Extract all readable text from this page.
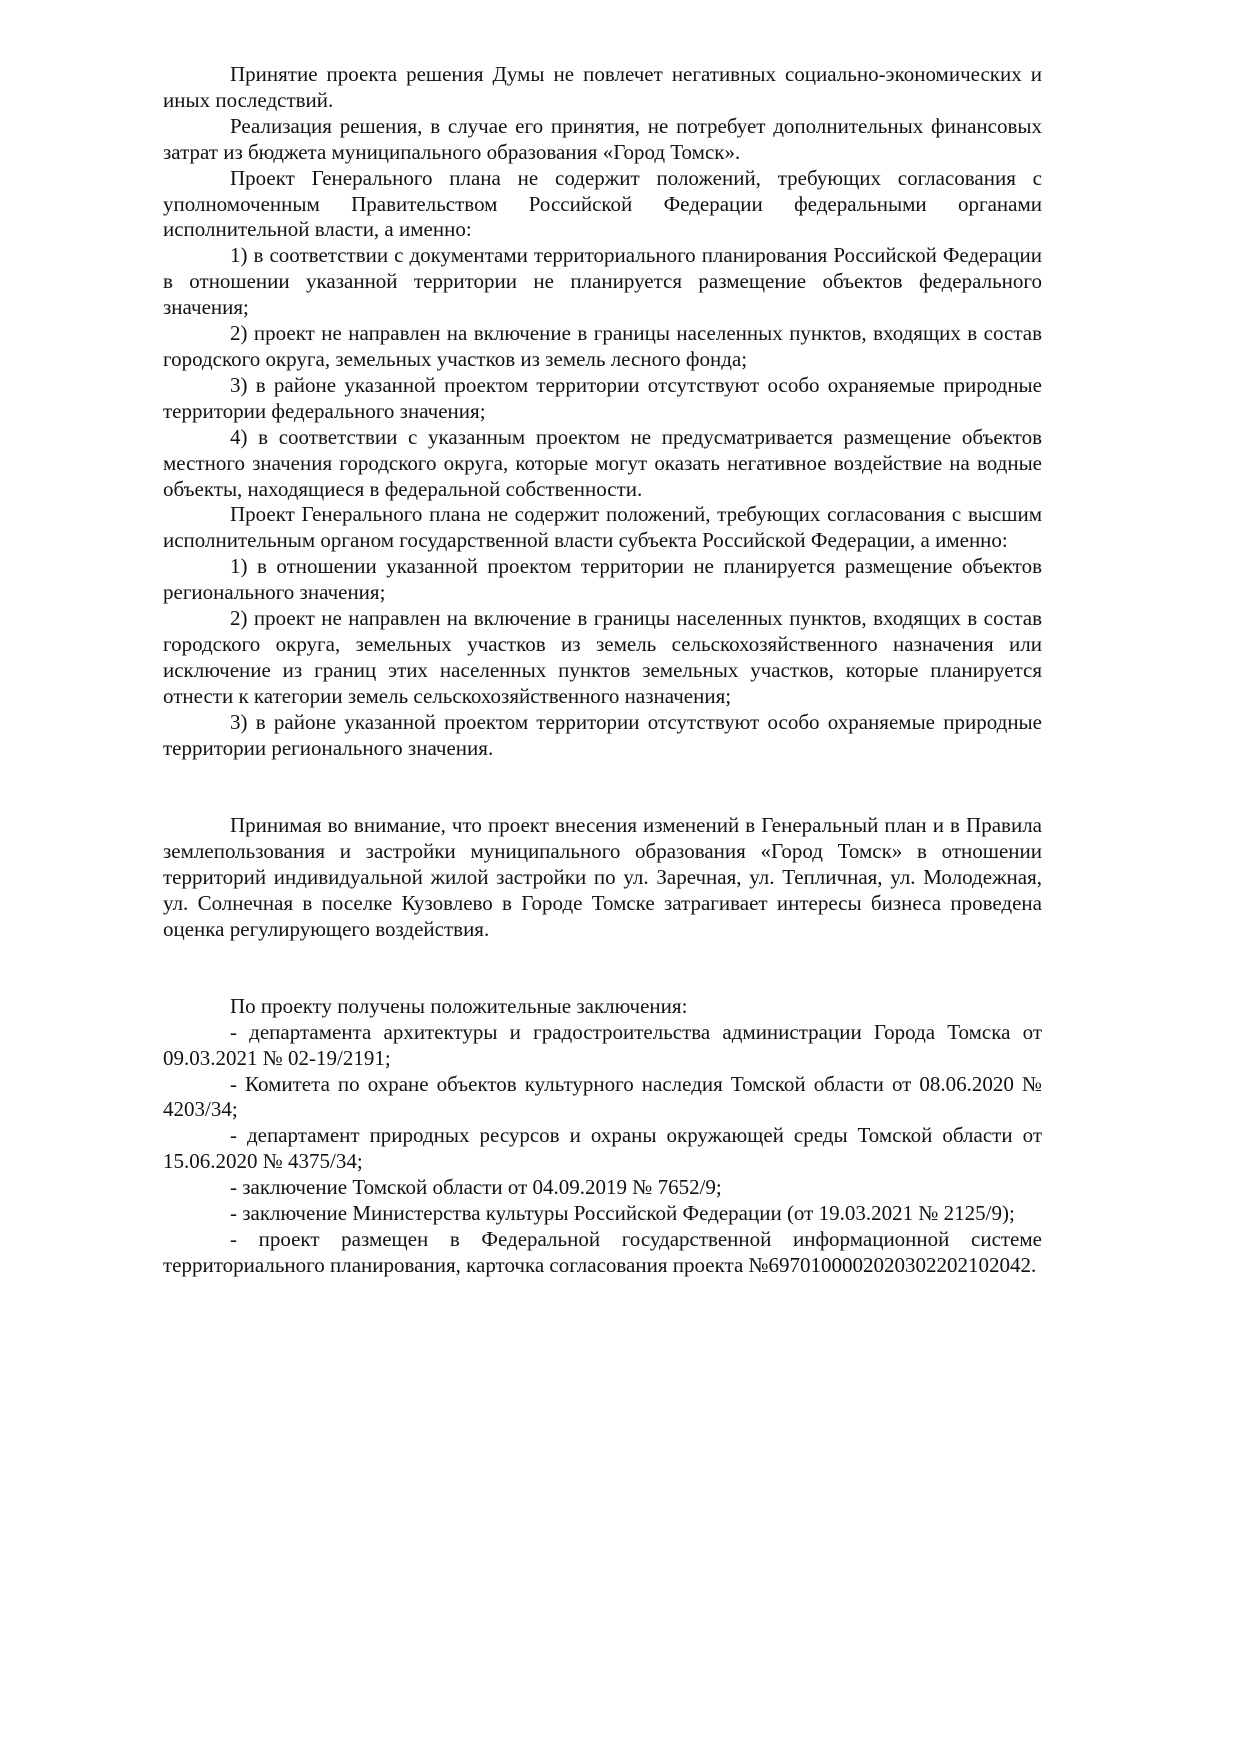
Принятие проекта решения Думы не повлечет негативных социально-экономических и иных последствий.

Реализация решения, в случае его принятия, не потребует дополнительных финансовых затрат из бюджета муниципального образования «Город Томск».

Проект Генерального плана не содержит положений, требующих согласования с уполномоченным Правительством Российской Федерации федеральными органами исполнительной власти, а именно:

1) в соответствии с документами территориального планирования Российской Федерации в отношении указанной территории не планируется размещение объектов федерального значения;

2) проект не направлен на включение в границы населенных пунктов, входящих в состав городского округа, земельных участков из земель лесного фонда;

3) в районе указанной проектом территории отсутствуют особо охраняемые природные территории федерального значения;

4) в соответствии с указанным проектом не предусматривается размещение объектов местного значения городского округа, которые могут оказать негативное воздействие на водные объекты, находящиеся в федеральной собственности.

Проект Генерального плана не содержит положений, требующих согласования с высшим исполнительным органом государственной власти субъекта Российской Федерации, а именно:

1) в отношении указанной проектом территории не планируется размещение объектов регионального значения;

2) проект не направлен на включение в границы населенных пунктов, входящих в состав городского округа, земельных участков из земель сельскохозяйственного назначения или исключение из границ этих населенных пунктов земельных участков, которые планируется отнести к категории земель сельскохозяйственного назначения;

3) в районе указанной проектом территории отсутствуют особо охраняемые природные территории регионального значения.

Принимая во внимание, что проект внесения изменений в Генеральный план и в Правила землепользования и застройки муниципального образования «Город Томск» в отношении территорий индивидуальной жилой застройки по ул. Заречная, ул. Тепличная, ул. Молодежная, ул. Солнечная в поселке Кузовлево в Городе Томске затрагивает интересы бизнеса проведена оценка регулирующего воздействия.

По проекту получены положительные заключения:

- департамента архитектуры и градостроительства администрации Города Томска от 09.03.2021 № 02-19/2191;

- Комитета по охране объектов культурного наследия Томской области от 08.06.2020 № 4203/34;

- департамент природных ресурсов и охраны окружающей среды Томской области от 15.06.2020 № 4375/34;

- заключение Томской области от 04.09.2019 № 7652/9;

- заключение Министерства культуры Российской Федерации (от 19.03.2021 № 2125/9);

- проект размещен в Федеральной государственной информационной системе территориального планирования, карточка согласования проекта №6970100002020302202102042.
